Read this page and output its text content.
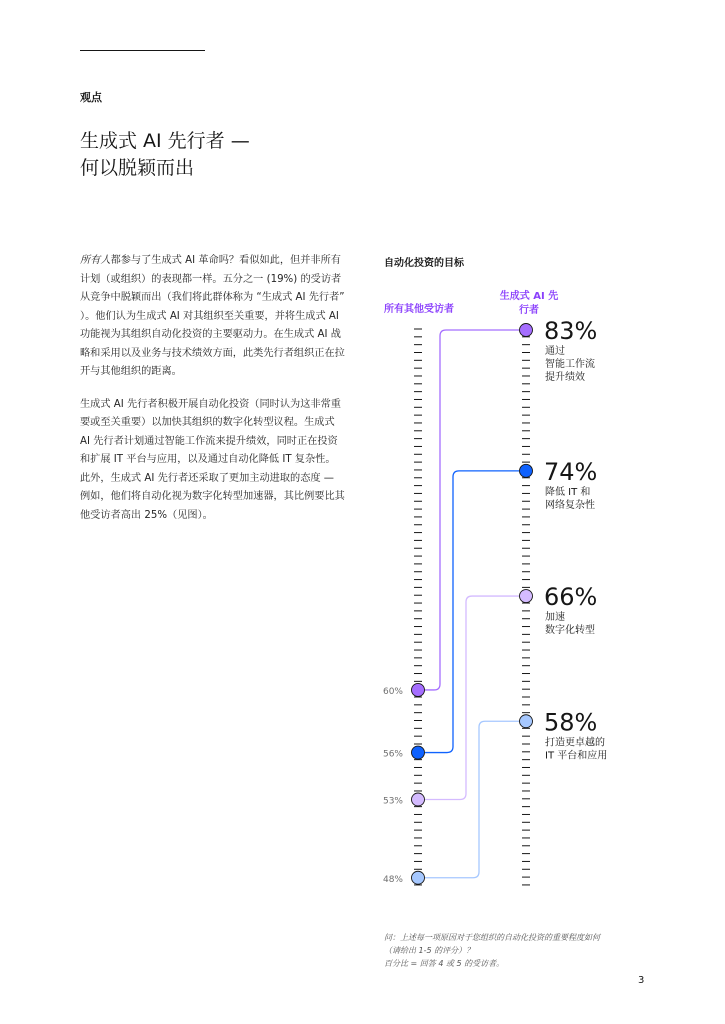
观点
生成式 AI 先行者 —
何以脱颖而出

所有人都参与了生成式 AI 革命吗？看似如此，但并非所有计划（或组织）的表现都一样。五分之一 (19%) 的受访者从竞争中脱颖而出（我们将此群体称为 “生成式 AI 先行者” ）。他们认为生成式 AI 对其组织至关重要，并将生成式 AI 功能视为其组织自动化投资的主要驱动力。在生成式 AI 战略和采用以及业务与技术绩效方面，此类先行者组织正在拉开与其他组织的距离。

生成式 AI 先行者积极开展自动化投资（同时认为这非常重要或至关重要）以加快其组织的数字化转型议程。生成式 AI 先行者计划通过智能工作流来提升绩效，同时正在投资和扩展 IT 平台与应用，以及通过自动化降低 IT 复杂性。此外，生成式 AI 先行者还采取了更加主动进取的态度 — 例如，他们将自动化视为数字化转型加速器，其比例要比其他受访者高出 25%（见图）。

自动化投资的目标
所有其他受访者
生成式 AI 先行者
60%
83%
通过
智能工作流
提升绩效
56%
74%
降低 IT 和
网络复杂性
53%
66%
加速
数字化转型
48%
58%
打造更卓越的
IT 平台和应用
问：上述每一项原因对于您组织的自动化投资的重要程度如何
（请给出 1-5 的评分）？
百分比 = 回答 4 或 5 的受访者。
3
